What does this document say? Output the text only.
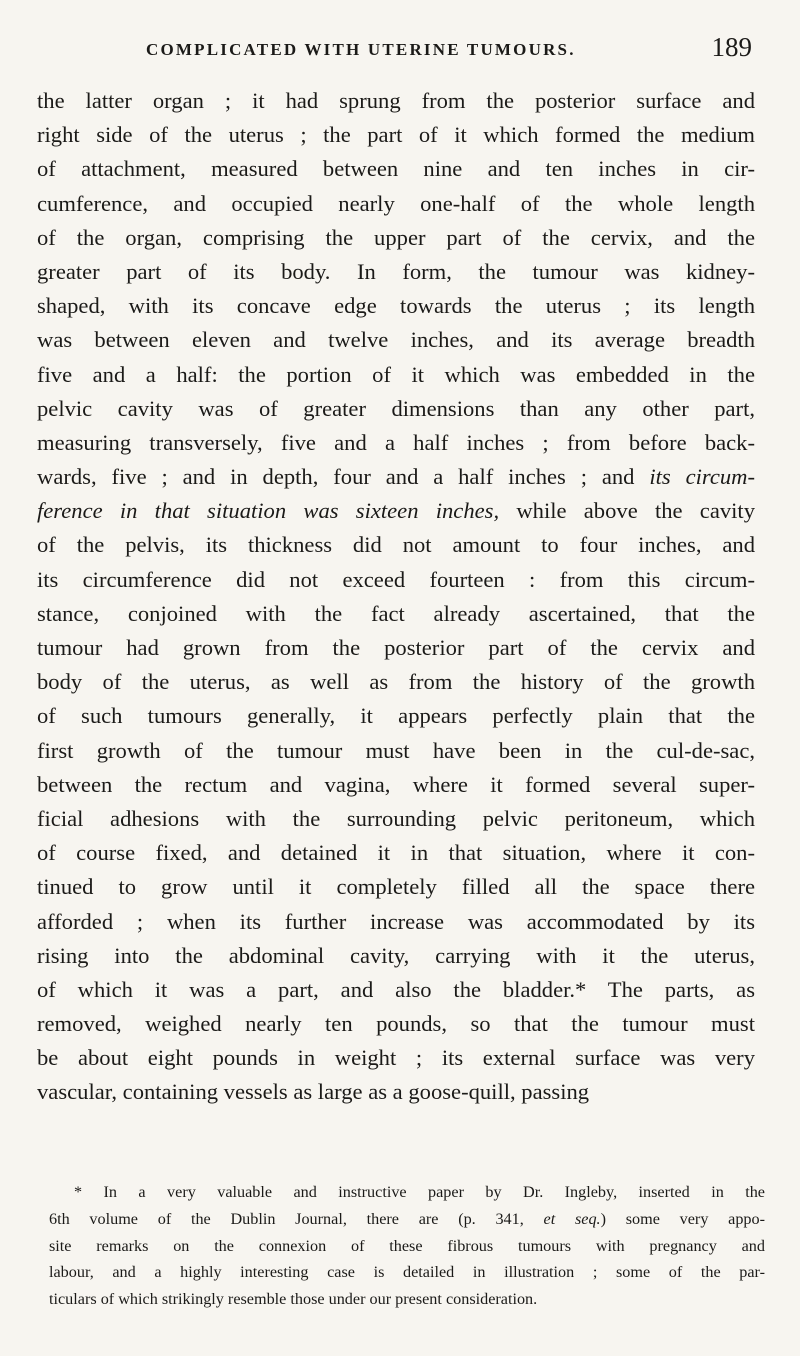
COMPLICATED WITH UTERINE TUMOURS.	189
the latter organ ; it had sprung from the posterior surface and
right side of the uterus ; the part of it which formed the medium
of attachment, measured between nine and ten inches in cir-
cumference, and occupied nearly one-half of the whole length
of the organ, comprising the upper part of the cervix, and the
greater part of its body. In form, the tumour was kidney-
shaped, with its concave edge towards the uterus ; its length
was between eleven and twelve inches, and its average breadth
five and a half: the portion of it which was embedded in the
pelvic cavity was of greater dimensions than any other part,
measuring transversely, five and a half inches ; from before back-
wards, five ; and in depth, four and a half inches ; and its circum-
ference in that situation was sixteen inches, while above the cavity
of the pelvis, its thickness did not amount to four inches, and
its circumference did not exceed fourteen : from this circum-
stance, conjoined with the fact already ascertained, that the
tumour had grown from the posterior part of the cervix and
body of the uterus, as well as from the history of the growth
of such tumours generally, it appears perfectly plain that the
first growth of the tumour must have been in the cul-de-sac,
between the rectum and vagina, where it formed several super-
ficial adhesions with the surrounding pelvic peritoneum, which
of course fixed, and detained it in that situation, where it con-
tinued to grow until it completely filled all the space there
afforded ; when its further increase was accommodated by its
rising into the abdominal cavity, carrying with it the uterus,
of which it was a part, and also the bladder.* The parts, as
removed, weighed nearly ten pounds, so that the tumour must
be about eight pounds in weight ; its external surface was very
vascular, containing vessels as large as a goose-quill, passing
* In a very valuable and instructive paper by Dr. Ingleby, inserted in the
6th volume of the Dublin Journal, there are (p. 341, et seq.) some very appo-
site remarks on the connexion of these fibrous tumours with pregnancy and
labour, and a highly interesting case is detailed in illustration ; some of the par-
ticulars of which strikingly resemble those under our present consideration.
